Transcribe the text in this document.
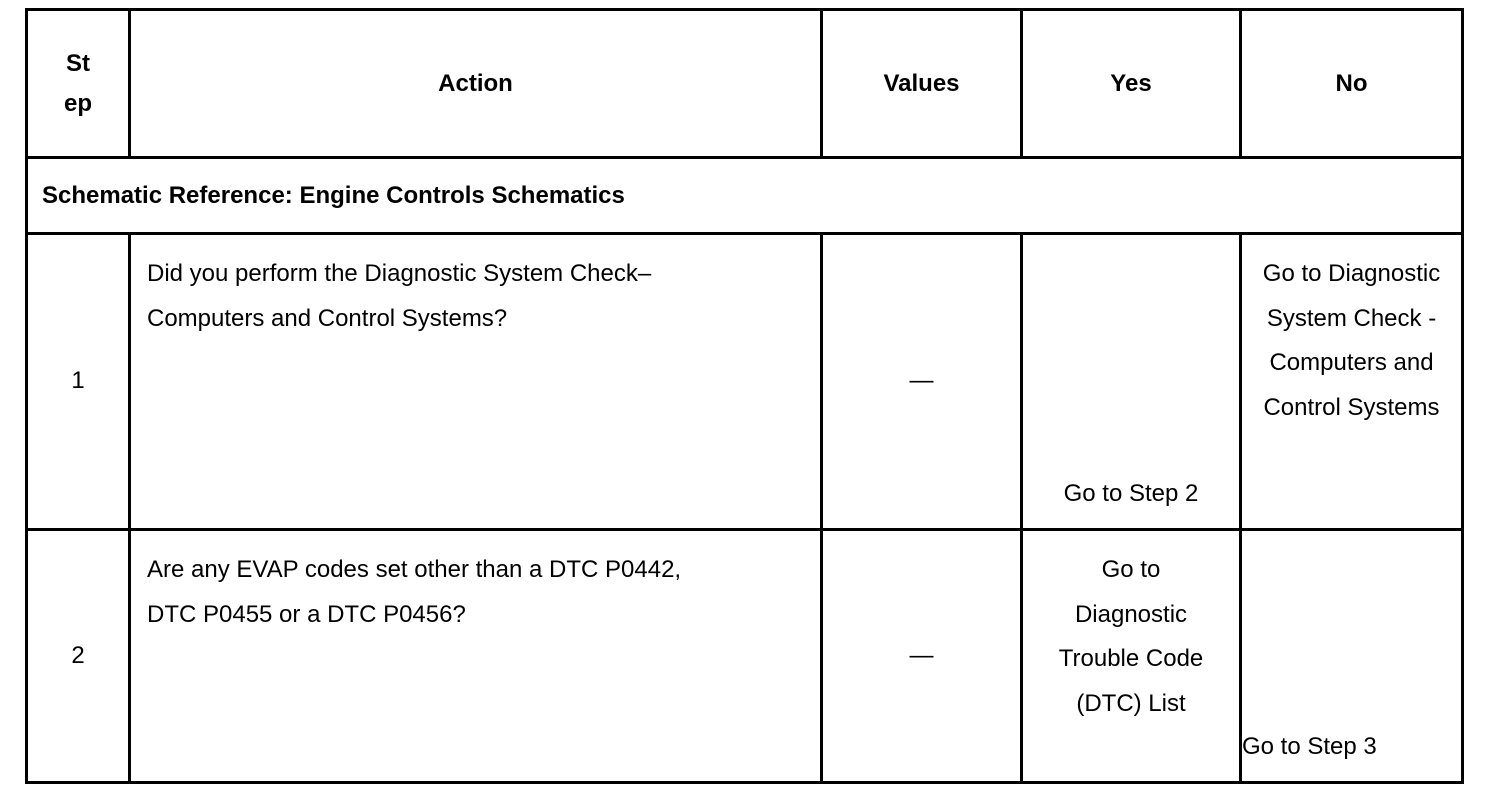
St ep	Action	Values	Yes	No
Schematic Reference: Engine Controls Schematics				
1	Did you perform the Diagnostic System Check–Computers and Control Systems?	—	Go to Step 2	Go to Diagnostic System Check - Computers and Control Systems

2	Are any EVAP codes set other than a DTC P0442, DTC P0455 or a DTC P0456?	—	Go to Diagnostic Trouble Code (DTC) List	Go to Step 3
